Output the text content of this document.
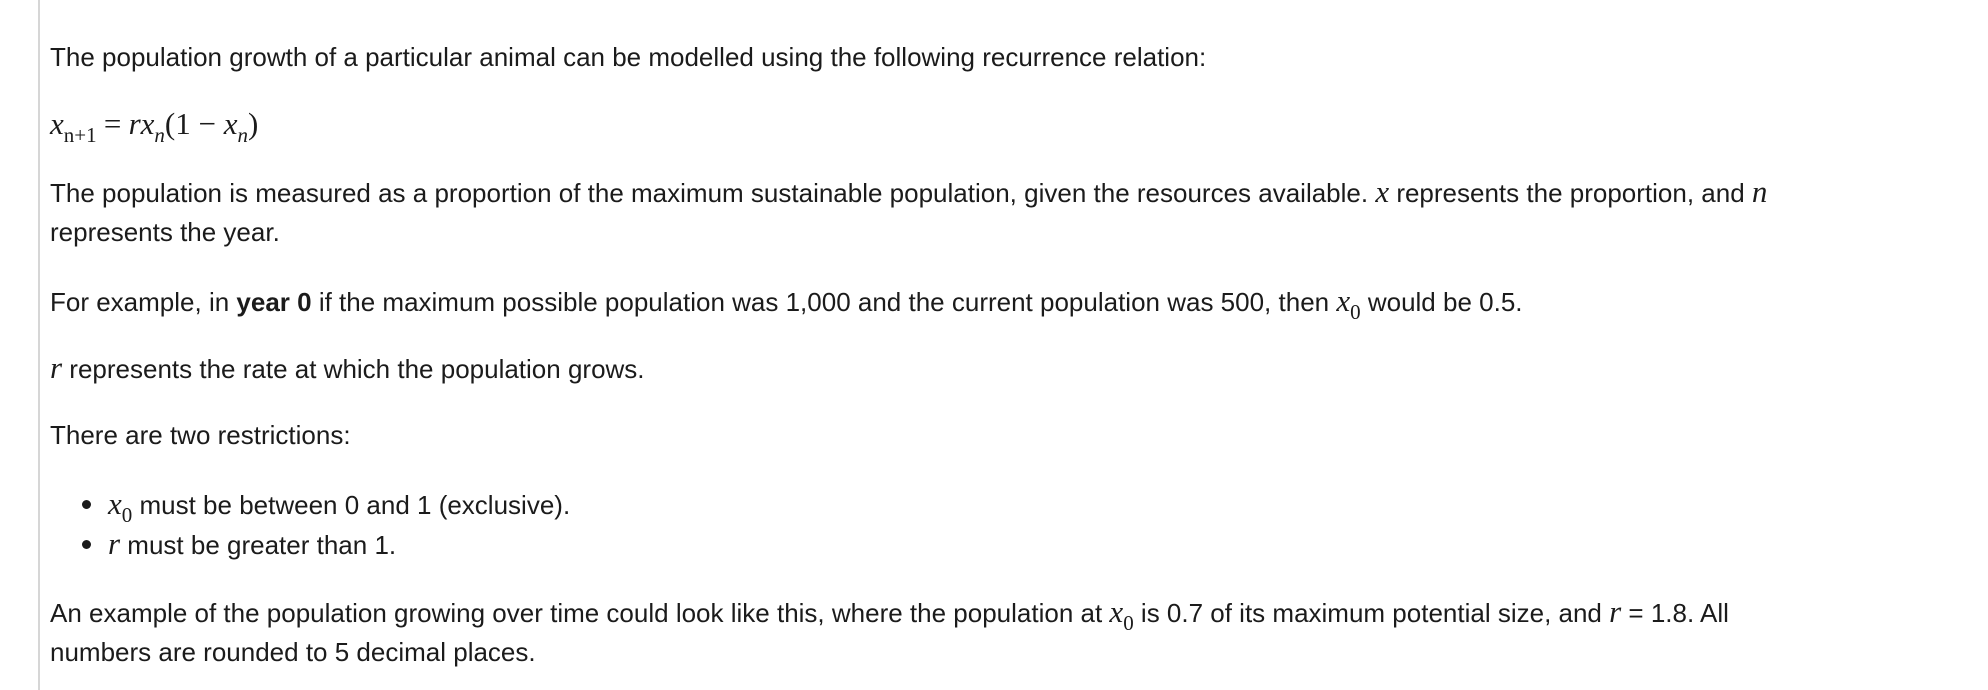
The population growth of a particular animal can be modelled using the following recurrence relation:

$x_{n+1} = rx_n(1 - x_n)$

The population is measured as a proportion of the maximum sustainable population, given the resources available. x represents the proportion, and n

represents the year.

For example, in year 0 if the maximum possible population was 1,000 and the current population was 500, then $x_0$ would be 0.5.

r represents the rate at which the population grows.

There are two restrictions:

$x_0$ must be between 0 and 1 (exclusive).
r must be greater than 1.

An example of the population growing over time could look like this, where the population at $x_0$ is 0.7 of its maximum potential size, and r = 1.8. All

numbers are rounded to 5 decimal places.
